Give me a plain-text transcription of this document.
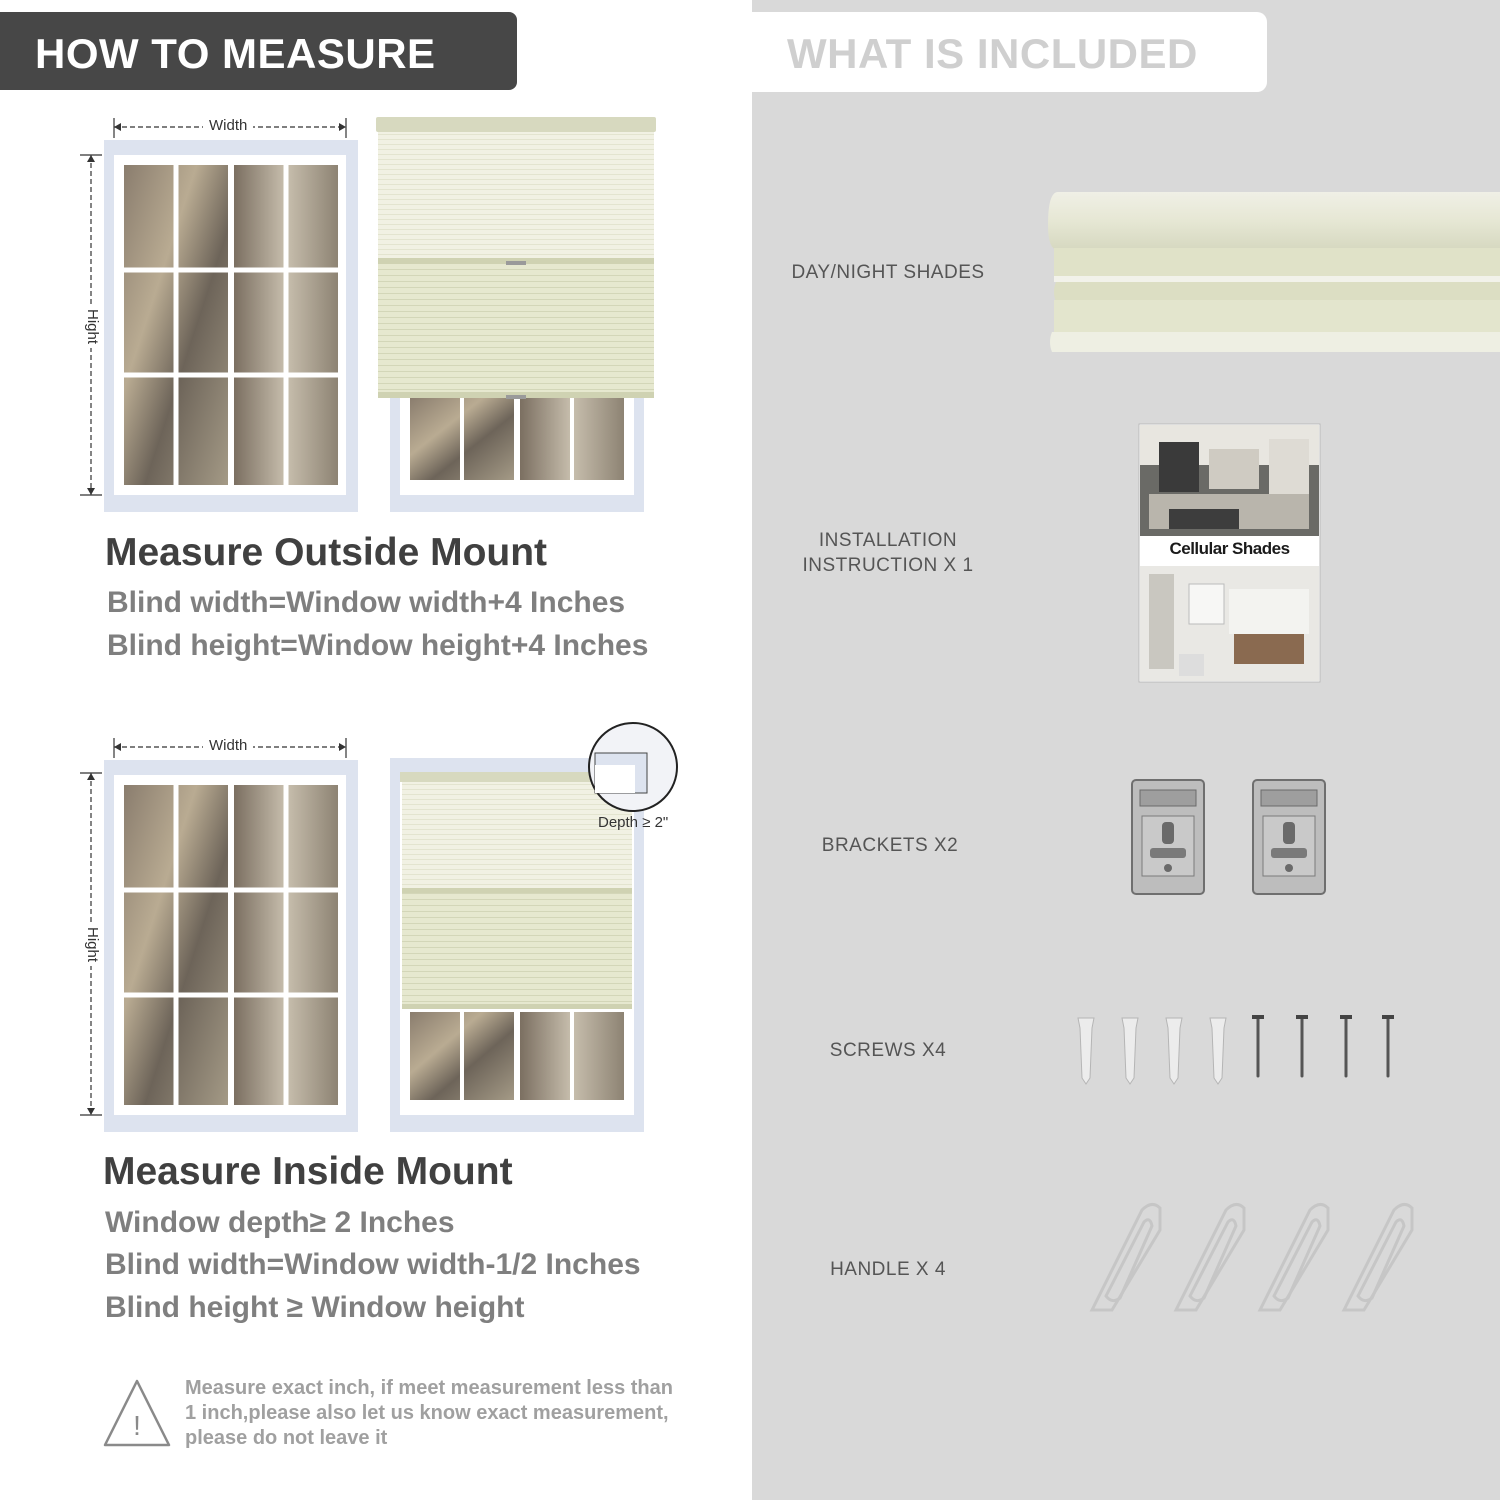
HOW TO MEASURE
Width
Hight
Measure Outside Mount
Blind width=Window width+4 Inches
Blind height=Window height+4 Inches
Width
Hight
Depth ≥ 2"
Measure Inside Mount
Window depth≥ 2 Inches
Blind width=Window width-1/2 Inches
Blind height ≥ Window height
!
Measure exact inch, if meet measurement less than 1 inch,please also let us know exact measurement, please do not leave it
WHAT IS INCLUDED
DAY/NIGHT SHADES
INSTALLATION
INSTRUCTION X 1
BRACKETS X2
SCREWS X4
HANDLE X 4
Cellular Shades
